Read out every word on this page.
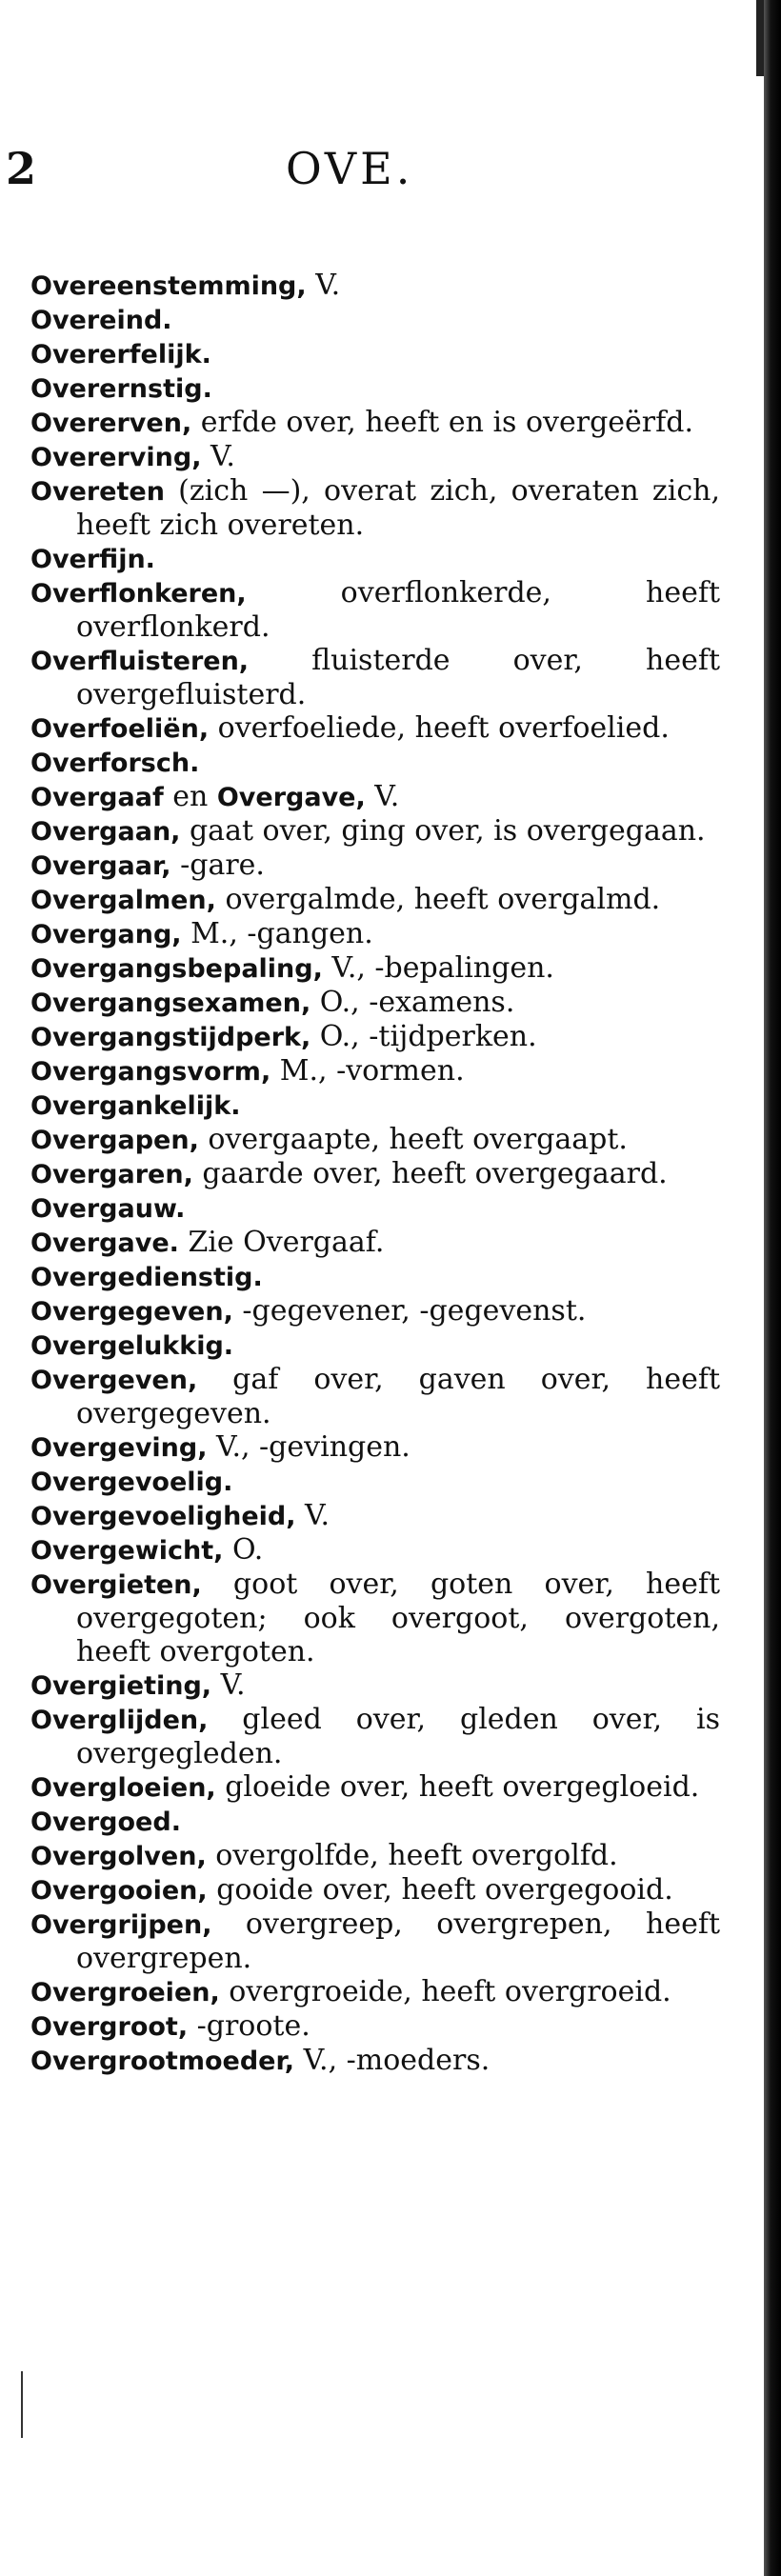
2	OVE.
Overeenstemming, V.
Overeind.
Overerfelijk.
Overernstig.
Overerven, erfde over, heeft en is overgeërfd.
Overerving, V.
Overeten (zich —), overat zich, overaten zich, heeft zich overeten.
Overfijn.
Overflonkeren, overflonkerde, heeft overflonkerd.
Overfluisteren, fluisterde over, heeft overgefluisterd.
Overfoeliën, overfoeliede, heeft overfoelied.
Overforsch.
Overgaaf en Overgave, V.
Overgaan, gaat over, ging over, is overgegaan.
Overgaar, -gare.
Overgalmen, overgalmde, heeft overgalmd.
Overgang, M., -gangen.
Overgangsbepaling, V., -bepalingen.
Overgangsexamen, O., -examens.
Overgangstijdperk, O., -tijdperken.
Overgangsvorm, M., -vormen.
Overgankelijk.
Overgapen, overgaapte, heeft overgaapt.
Overgaren, gaarde over, heeft overgegaard.
Overgauw.
Overgave. Zie Overgaaf.
Overgedienstig.
Overgegeven, -gegevener, -gegevenst.
Overgelukkig.
Overgeven, gaf over, gaven over, heeft overgegeven.
Overgeving, V., -gevingen.
Overgevoelig.
Overgevoeligheid, V.
Overgewicht, O.
Overgieten, goot over, goten over, heeft overgegoten; ook overgoot, overgoten, heeft overgoten.
Overgieting, V.
Overglijden, gleed over, gleden over, is overgegleden.
Overgloeien, gloeide over, heeft overgegloeid.
Overgoed.
Overgolven, overgolfde, heeft overgolfd.
Overgooien, gooide over, heeft overgegooid.
Overgrijpen, overgreep, overgrepen, heeft overgrepen.
Overgroeien, overgroeide, heeft overgroeid.
Overgroot, -groote.
Overgrootmoeder, V., -moeders.
